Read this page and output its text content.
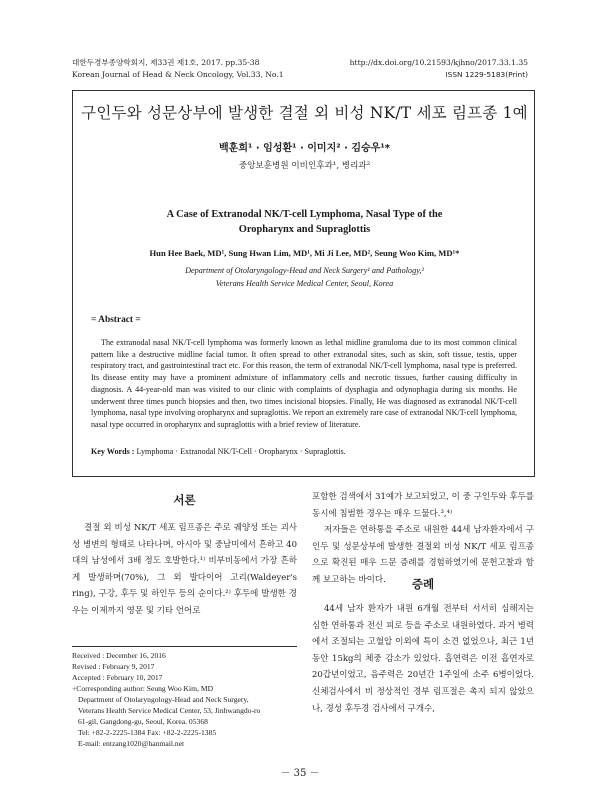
대한두경부종양학회지, 제33권 제1호, 2017. pp.35-38
Korean Journal of Head & Neck Oncology, Vol.33, No.1
http://dx.doi.org/10.21593/kjhno/2017.33.1.35
ISSN 1229-5183(Print)
구인두와 성문상부에 발생한 결절 외 비성 NK/T 세포 림프종 1예
백훈희¹ · 임성환¹ · 이미지² · 김승우¹*
중앙보훈병원 이비인후과¹, 병리과²
A Case of Extranodal NK/T-cell Lymphoma, Nasal Type of the
Oropharynx and Supraglottis
Hun Hee Baek, MD¹, Sung Hwan Lim, MD¹, Mi Ji Lee, MD², Seung Woo Kim, MD¹*
Department of Otolaryngology-Head and Neck Surgery¹ and Pathology,²
Veterans Health Service Medical Center, Seoul, Korea
= Abstract =
The extranodal nasal NK/T-cell lymphoma was formerly known as lethal midline granuloma due to its most common clinical pattern like a destructive midline facial tumor. It often spread to other extranodal sites, such as skin, soft tissue, testis, upper respiratory tract, and gastrointestinal tract etc. For this reason, the term of extranodal NK/T-cell lymphoma, nasal type is preferred. Its disease entity may have a prominent admixture of inflammatory cells and necrotic tissues, further causing difficulty in diagnosis. A 44-year-old man was visited to our clinic with complaints of dysphagia and odynophagia during six months. He underwent three times punch biopsies and then, two times incisional biopsies. Finally, He was diagnosed as extranodal NK/T-cell lymphoma, nasal type involving oropharynx and supraglottis. We report an extremely rare case of extranodal NK/T-cell lymphoma, nasal type occurred in oropharynx and supraglottis with a brief review of literature.
Key Words : Lymphoma · Extranodal NK/T-Cell · Oropharynx · Supraglottis.
서론

결절 외 비성 NK/T 세포 림프종은 주로 궤양성 또는 괴사성 병변의 형태로 나타나며, 아시아 및 중남미에서 흔하고 40대의 남성에서 3배 정도 호발한다.¹⁾ 비부비동에서 가장 흔하게 발생하며(70%), 그 외 발다이어 고리(Waldeyer's ring), 구강, 후두 및 하인두 등의 순이다.²⁾ 후두에 발생한 경우는 이제까지 영문 및 기타 언어로

포함한 검색에서 31예가 보고되었고, 이 중 구인두와 후두를 동시에 침범한 경우는 매우 드물다.³,⁴⁾

저자들은 연하통을 주소로 내원한 44세 남자환자에서 구인두 및 성문상부에 발생한 결절외 비성 NK/T 세포 림프종으로 확진된 매우 드문 증례를 경험하였기에 문헌고찰과 함께 보고하는 바이다.	증례

44세 남자 환자가 내원 6개월 전부터 서서히 심해지는 심한 연하통과 전신 피로 등을 주소로 내원하였다. 과거 병력에서 조절되는 고혈압 이외에 특이 소견 없었으나, 최근 1년 동안 15kg의 체중 감소가 있었다. 흡연력은 이전 흡연자로 20갑년이었고, 음주력은 20년간 1주일에 소주 6병이었다. 신체검사에서 비 정상적인 경부 림프절은 촉지 되지 않았으나, 경성 후두경 검사에서 구개수,

Received : December 16, 2016
Revised : February 9, 2017
Accepted : February 10, 2017
+Corresponding author: Seung Woo Kim, MD
Department of Otolaryngology-Head and Neck Surgery,
Veterans Health Service Medical Center, 53, Jinhwangdo-ro
61-gil, Gangdong-gu, Seoul, Korea. 05368
Tel: +82-2-2225-1384 Fax: +82-2-2225-1385
E-mail: entzang1020@hanmail.net
－ 35 －
